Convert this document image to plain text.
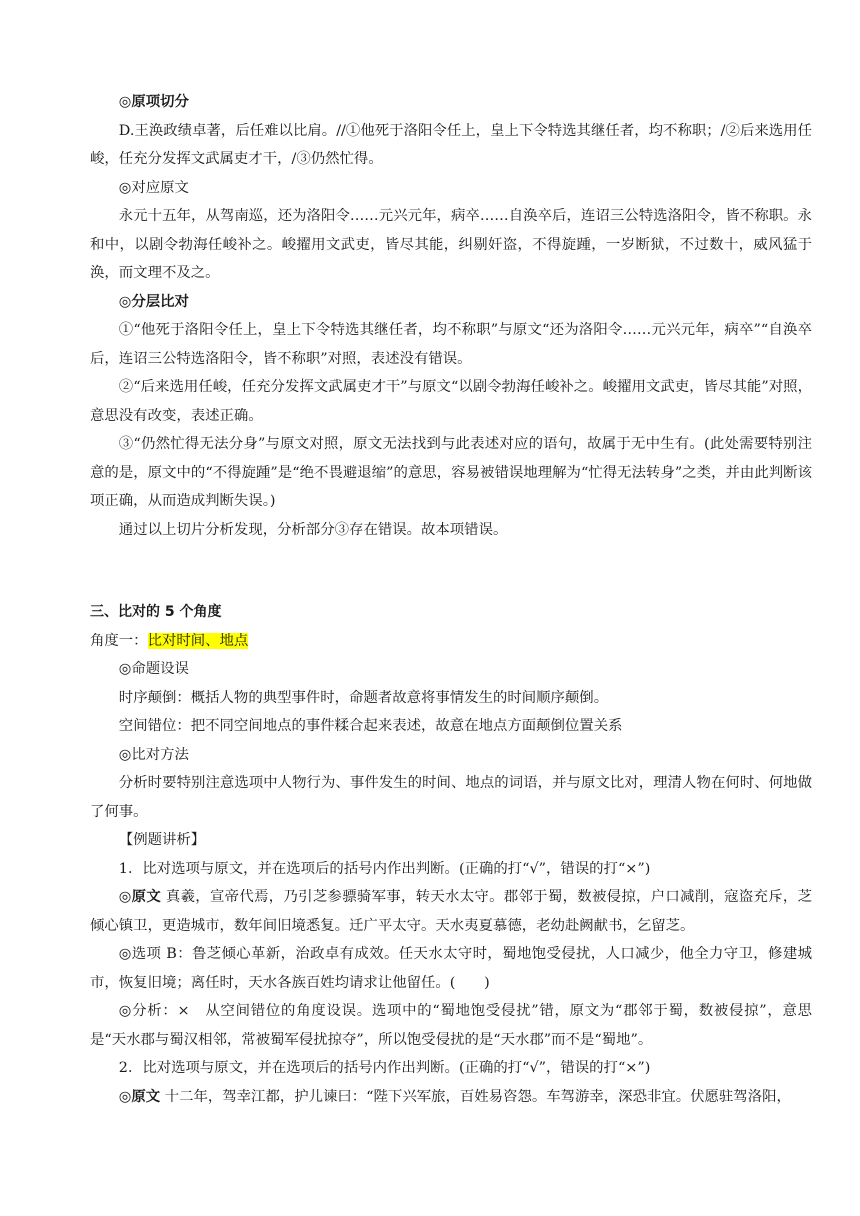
◎原项切分

D.王涣政绩卓著，后任难以比肩。//①他死于洛阳令任上，皇上下令特选其继任者，均不称职；/②后来选用任峻，任充分发挥文武属吏才干，/③仍然忙得。

◎对应原文

永元十五年，从驾南巡，还为洛阳令……元兴元年，病卒……自涣卒后，连诏三公特选洛阳令，皆不称职。永和中，以剧令勃海任峻补之。峻擢用文武吏，皆尽其能，纠剔奸盗，不得旋踵，一岁断狱，不过数十，威风猛于涣，而文理不及之。

◎分层比对

①“他死于洛阳令任上，皇上下令特选其继任者，均不称职”与原文“还为洛阳令……元兴元年，病卒”“自涣卒后，连诏三公特选洛阳令，皆不称职”对照，表述没有错误。

②“后来选用任峻，任充分发挥文武属吏才干”与原文“以剧令勃海任峻补之。峻擢用文武吏，皆尽其能”对照，意思没有改变，表述正确。

③“仍然忙得无法分身”与原文对照，原文无法找到与此表述对应的语句，故属于无中生有。(此处需要特别注意的是，原文中的“不得旋踵”是“绝不畏避退缩”的意思，容易被错误地理解为“忙得无法转身”之类，并由此判断该项正确，从而造成判断失误。)

通过以上切片分析发现，分析部分③存在错误。故本项错误。

三、比对的 5 个角度

角度一：比对时间、地点

◎命题设误

时序颠倒：概括人物的典型事件时，命题者故意将事情发生的时间顺序颠倒。

空间错位：把不同空间地点的事件糅合起来表述，故意在地点方面颠倒位置关系

◎比对方法

分析时要特别注意选项中人物行为、事件发生的时间、地点的词语，并与原文比对，理清人物在何时、何地做了何事。

【例题讲析】

1．比对选项与原文，并在选项后的括号内作出判断。(正确的打“√”，错误的打“×”)

◎原文 真羲，宣帝代焉，乃引芝参骠骑军事，转天水太守。郡邻于蜀，数被侵掠，户口减削，寇盗充斥，芝倾心镇卫，更造城市，数年间旧境悉复。迁广平太守。天水夷夏慕德，老幼赴阙献书，乞留芝。

◎选项 B：鲁芝倾心革新，治政卓有成效。任天水太守时，蜀地饱受侵扰，人口减少，他全力守卫，修建城市，恢复旧境；离任时，天水各族百姓均请求让他留任。(　　)

◎分析：×　从空间错位的角度设误。选项中的“蜀地饱受侵扰”错，原文为“郡邻于蜀，数被侵掠”，意思是“天水郡与蜀汉相邻，常被蜀军侵扰掠夺”，所以饱受侵扰的是“天水郡”而不是“蜀地”。

2．比对选项与原文，并在选项后的括号内作出判断。(正确的打“√”，错误的打“×”)

◎原文 十二年，驾幸江都，护儿谏曰：“陛下兴军旅，百姓易咨怨。车驾游幸，深恐非宜。伏愿驻驾洛阳，
